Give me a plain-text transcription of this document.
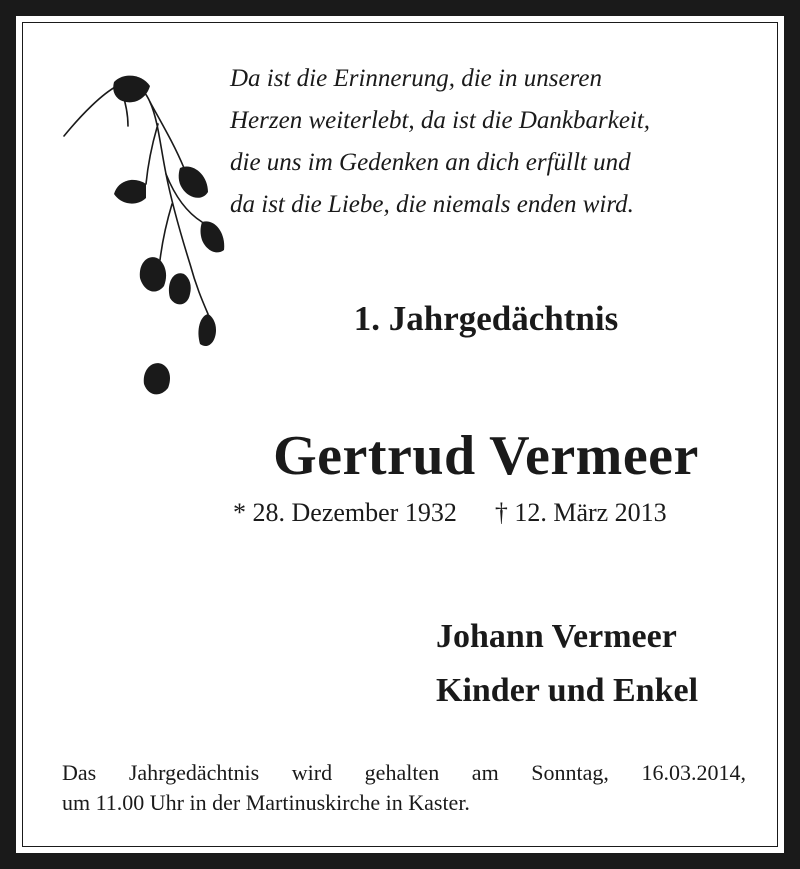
Da ist die Erinnerung, die in unseren
Herzen weiterlebt, da ist die Dankbarkeit,
die uns im Gedenken an dich erfüllt und
da ist die Liebe, die niemals enden wird.
1. Jahrgedächtnis
Gertrud Vermeer
* 28. Dezember 1932 † 12. März 2013
Johann Vermeer
Kinder und Enkel
Das Jahrgedächtnis wird gehalten am Sonntag, 16.03.2014,
um 11.00 Uhr in der Martinuskirche in Kaster.
